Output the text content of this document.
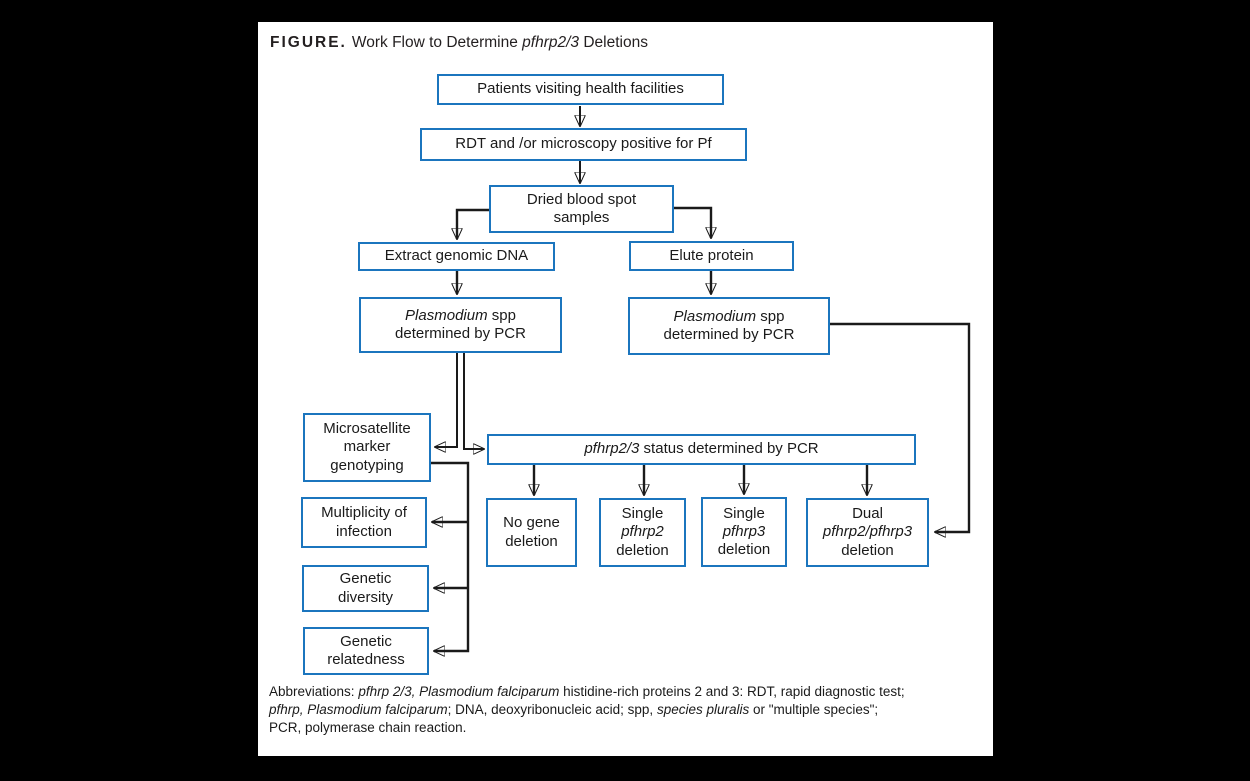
FIGURE. Work Flow to Determine pfhrp2/3 Deletions
Patients visiting health facilities
RDT and /or microscopy positive for Pf
Dried blood spot
samples
Extract genomic DNA	Elute protein
Plasmodium spp
determined by PCR
Plasmodium spp
determined by PCR
Microsatellite
marker
genotyping
pfhrp2/3 status determined by PCR
No gene
deletion
Single
pfhrp2
deletion
Single
pfhrp3
deletion
Dual
pfhrp2/pfhrp3
deletion
Multiplicity of
infection
Genetic
diversity
Genetic
relatedness
Abbreviations: pfhrp 2/3, Plasmodium falciparum histidine-rich proteins 2 and 3: RDT, rapid diagnostic test;
pfhrp, Plasmodium falciparum; DNA, deoxyribonucleic acid; spp, species pluralis or "multiple species";
PCR, polymerase chain reaction.
